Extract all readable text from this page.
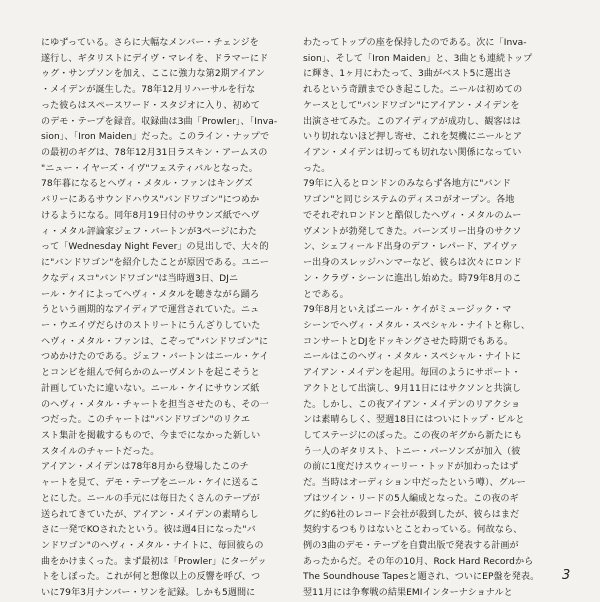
にゆずっている。さらに大幅なメンバー・チェンジを
遂行し、ギタリストにデイヴ・マレイを、ドラマーにド
ゥグ・サンプソンを加え、ここに強力な第2期アイアン
・メイデンが誕生した。78年12月リハーサルを行な
った彼らはスペースワード・スタジオに入り、初めて
のデモ・テープを録音。収録曲は3曲「Prowler」、「Inva-
sion」、「Iron Maiden」だった。このライン・ナップで
の最初のギグは、78年12月31日ラスキン・アームスの
"ニュー・イヤーズ・イヴ"フェスティバルとなった。

78年暮になるとヘヴィ・メタル・ファンはキングズ
バリーにあるサウンドハウス"バンドワゴン"につめか
けるようになる。同年8月19日付のサウンズ紙でヘヴ
ィ・メタル評論家ジェフ・バートンが3ページにわた
って「Wednesday Night Fever」の見出しで、大々的
に"バンドワゴン"を紹介したことが原因である。ユニー
クなディスコ"バンドワゴン"は当時週3日、DJニ
ール・ケイによってヘヴィ・メタルを聴きながら踊ろ
うという画期的なアイディアで運営されていた。ニュ
ー・ウエイヴだらけのストリートにうんざりしていた
ヘヴィ・メタル・ファンは、こぞって"バンドワゴン"に
つめかけたのである。ジェフ・バートンはニール・ケイ
とコンビを組んで何らかのムーヴメントを起こそうと
計画していたに違いない。ニール・ケイにサウンズ紙
のヘヴィ・メタル・チャートを担当させたのも、その一
つだった。このチャートは"バンドワゴン"のリクエ
スト集計を掲載するもので、今までになかった新しい
スタイルのチャートだった。

アイアン・メイデンは78年8月から登場したこのチ
ャートを見て、デモ・テープをニール・ケイに送るこ
とにした。ニールの手元には毎日たくさんのテープが
送られてきていたが、アイアン・メイデンの素晴らし
さに一発でKOされたという。彼は週4日になった"バ
ンドワゴン"のヘヴィ・メタル・ナイトに、毎回彼らの
曲をかけまくった。まず最初は「Prowler」にターゲッ
トをしぼった。これが何と想像以上の反響を呼び、つ
いに79年3月ナンバー・ワンを記録。しかも5週間に

わたってトップの座を保持したのである。次に「Inva-
sion」、そして「Iron Maiden」と、3曲とも連続トップ
に輝き、1ヶ月にわたって、3曲がベスト5に選出さ
れるという奇蹟までひき起こした。ニールは初めての
ケースとして"バンドワゴン"にアイアン・メイデンを
出演させてみた。このアイディアが成功し、観客はは
いり切れないほど押し寄せ、これを契機にニールとア
イアン・メイデンは切っても切れない関係になってい
った。

79年に入るとロンドンのみならず各地方に"バンド
ワゴン"と同じシステムのディスコがオープン。各地
でそれぞれロンドンと酷似したヘヴィ・メタルのムー
ヴメントが勃発してきた。バーンズリー出身のサクソ
ン、シェフィールド出身のデフ・レパード、アイヴァ
ー出身のスレッジハンマーなど、彼らは次々にロンド
ン・クラヴ・シーンに進出し始めた。時79年8月のこ
とである。

79年8月といえばニール・ケイがミュージック・マ
シーンでヘヴィ・メタル・スペシャル・ナイトと称し、
コンサートとDJをドッキングさせた時期でもある。
ニールはこのヘヴィ・メタル・スペシャル・ナイトに
アイアン・メイデンを起用。毎回のようにサポート・
アクトとして出演し、9月11日にはサクソンと共演し
た。しかし、この夜アイアン・メイデンのリアクショ
ンは素晴らしく、翌週18日にはついにトップ・ビルと
してステージにのぼった。この夜のギグから新たにも
う一人のギタリスト、トニー・パーソンズが加入（彼
の前に1度だけスウィーリー・トッドが加わったはず
だ。当時はオーディション中だったという噂）、グルー
プはツイン・リードの5人編成となった。この夜のギ
グに約6社のレコード会社が殺到したが、彼らはまだ
契約するつもりはないとことわっている。何故なら、
例の3曲のデモ・テープを自費出版で発表する計画が
あったからだ。その年の10月、Rock Hard Recordから
The Soundhouse Tapesと題され、ついにEP盤を発表。
翌11月には争奪戦の結果EMIインターナショナルと

3
